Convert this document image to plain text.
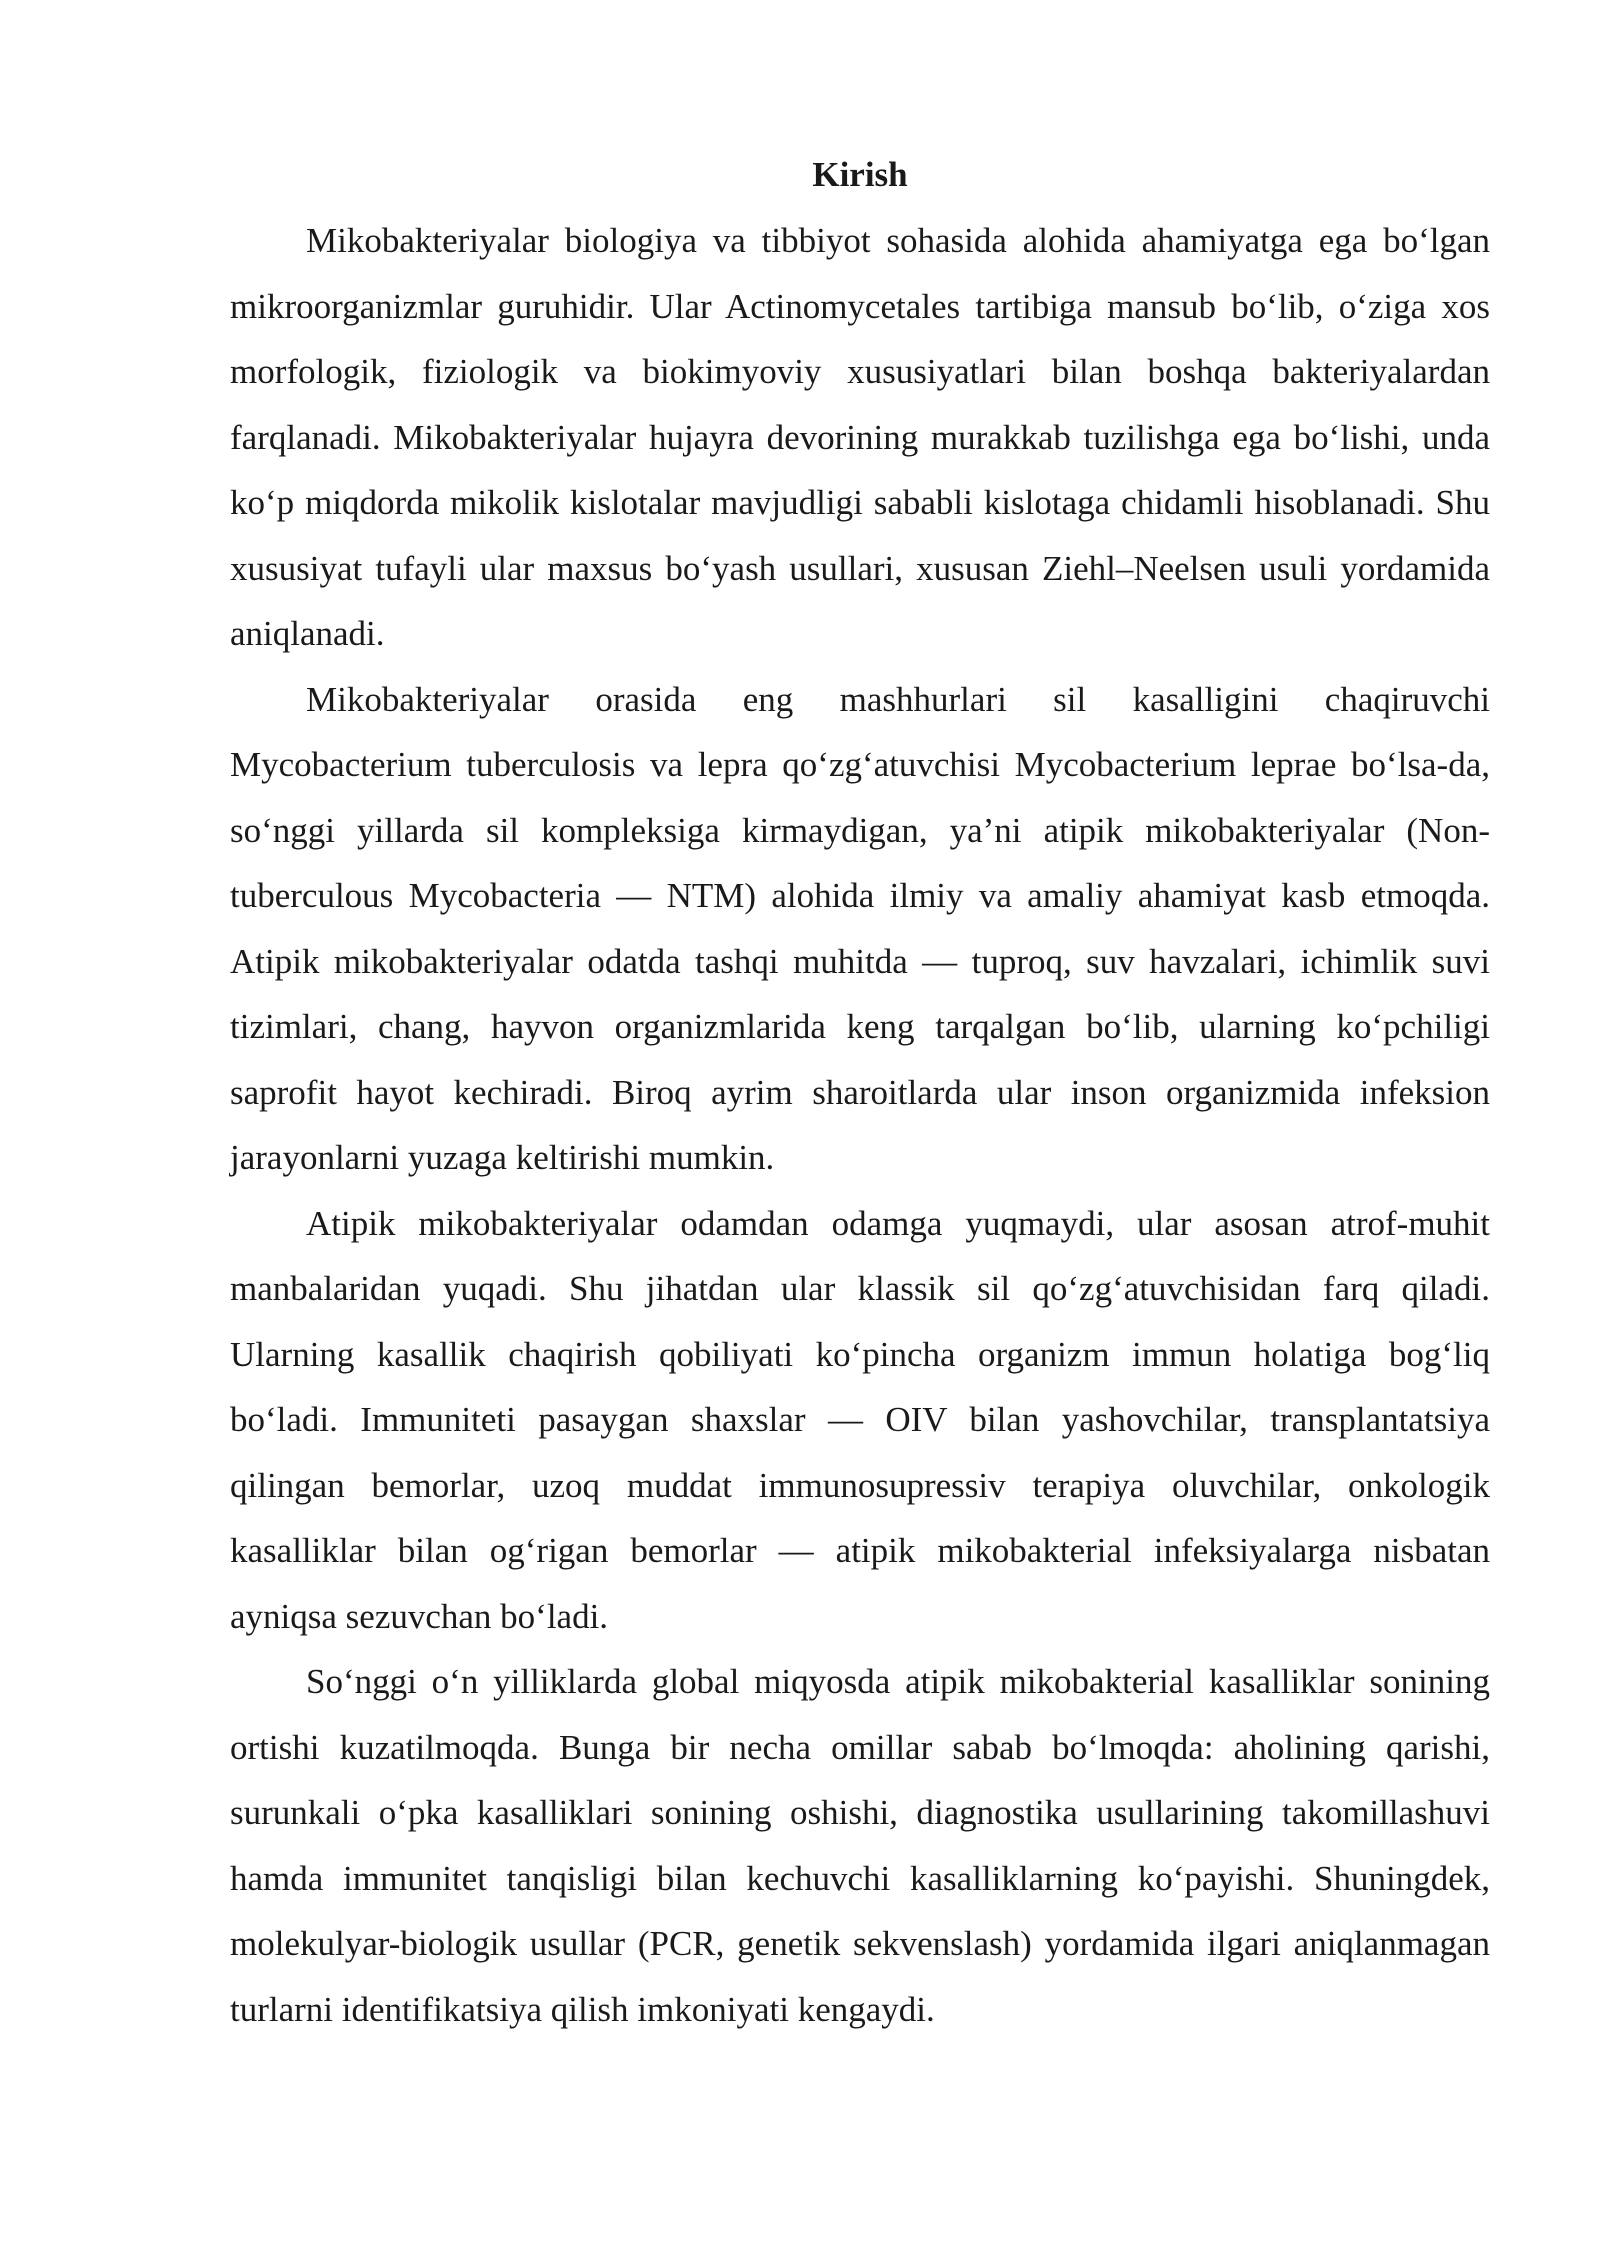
Kirish

Mikobakteriyalar biologiya va tibbiyot sohasida alohida ahamiyatga ega boʻlgan mikroorganizmlar guruhidir. Ular Actinomycetales tartibiga mansub boʻlib, oʻziga xos morfologik, fiziologik va biokimyoviy xususiyatlari bilan boshqa bakteriyalardan farqlanadi. Mikobakteriyalar hujayra devorining murakkab tuzilishga ega boʻlishi, unda koʻp miqdorda mikolik kislotalar mavjudligi sababli kislotaga chidamli hisoblanadi. Shu xususiyat tufayli ular maxsus boʻyash usullari, xususan Ziehl–Neelsen usuli yordamida aniqlanadi.

Mikobakteriyalar orasida eng mashhurlari sil kasalligini chaqiruvchi Mycobacterium tuberculosis va lepra qoʻzgʻatuvchisi Mycobacterium leprae boʻlsa-da, soʻnggi yillarda sil kompleksiga kirmaydigan, ya’ni atipik mikobakteriyalar (Non-tuberculous Mycobacteria — NTM) alohida ilmiy va amaliy ahamiyat kasb etmoqda. Atipik mikobakteriyalar odatda tashqi muhitda — tuproq, suv havzalari, ichimlik suvi tizimlari, chang, hayvon organizmlarida keng tarqalgan boʻlib, ularning koʻpchiligi saprofit hayot kechiradi. Biroq ayrim sharoitlarda ular inson organizmida infeksion jarayonlarni yuzaga keltirishi mumkin.

Atipik mikobakteriyalar odamdan odamga yuqmaydi, ular asosan atrof-muhit manbalaridan yuqadi. Shu jihatdan ular klassik sil qoʻzgʻatuvchisidan farq qiladi. Ularning kasallik chaqirish qobiliyati koʻpincha organizm immun holatiga bogʻliq boʻladi. Immuniteti pasaygan shaxslar — OIV bilan yashovchilar, transplantatsiya qilingan bemorlar, uzoq muddat immunosupressiv terapiya oluvchilar, onkologik kasalliklar bilan ogʻrigan bemorlar — atipik mikobakterial infeksiyalarga nisbatan ayniqsa sezuvchan boʻladi.

Soʻnggi oʻn yilliklarda global miqyosda atipik mikobakterial kasalliklar sonining ortishi kuzatilmoqda. Bunga bir necha omillar sabab boʻlmoqda: aholining qarishi, surunkali oʻpka kasalliklari sonining oshishi, diagnostika usullarining takomillashuvi hamda immunitet tanqisligi bilan kechuvchi kasalliklarning koʻpayishi. Shuningdek, molekulyar-biologik usullar (PCR, genetik sekvenslash) yordamida ilgari aniqlanmagan turlarni identifikatsiya qilish imkoniyati kengaydi.
